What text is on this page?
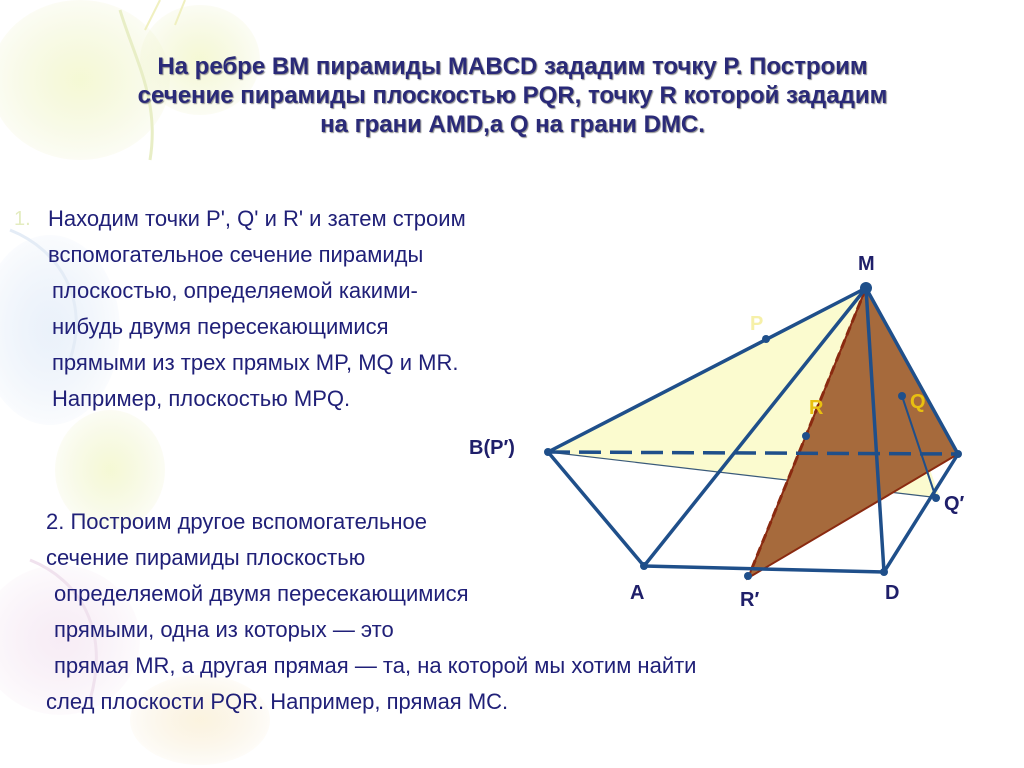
На ребре BM пирамиды MABCD зададим точку Р. Построим
сечение пирамиды плоскостью PQR, точку R которой зададим
на грани AMD,а Q на грани DMC.
1. Находим точки P', Q' и R' и затем строим
вспомогательное сечение пирамиды
плоскостью, определяемой какими-
нибудь двумя пересекающимися
прямыми из трех прямых MP, MQ и MR.
Например, плоскостью MPQ.
2. Построим другое вспомогательное
сечение пирамиды плоскостью
определяемой двумя пересекающимися
прямыми, одна из которых — это
прямая MR, а другая прямая — та, на которой мы хотим найти
след плоскости PQR. Например, прямая MC.
M
B(P′)
A	D
R′
Q′
R	Q
P
